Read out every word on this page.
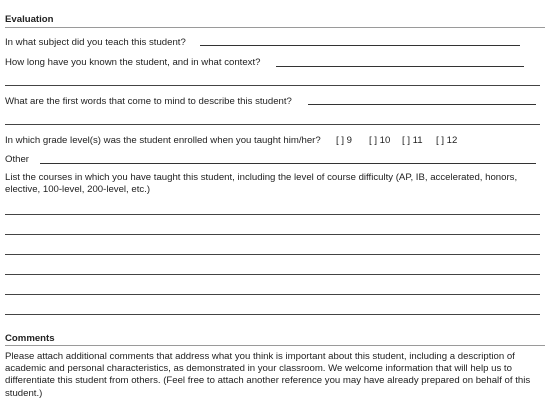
Evaluation
In what subject did you teach this student?
How long have you known the student, and in what context?
What are the first words that come to mind to describe this student?
In which grade level(s) was the student enrolled when you taught him/her? [ ] 9 [ ] 10 [ ] 11 [ ] 12
Other
List the courses in which you have taught this student, including the level of course difficulty (AP, IB, accelerated, honors, elective, 100-level, 200-level, etc.)
Comments
Please attach additional comments that address what you think is important about this student, including a description of academic and personal characteristics, as demonstrated in your classroom. We welcome information that will help us to differentiate this student from others. (Feel free to attach another reference you may have already prepared on behalf of this student.)
